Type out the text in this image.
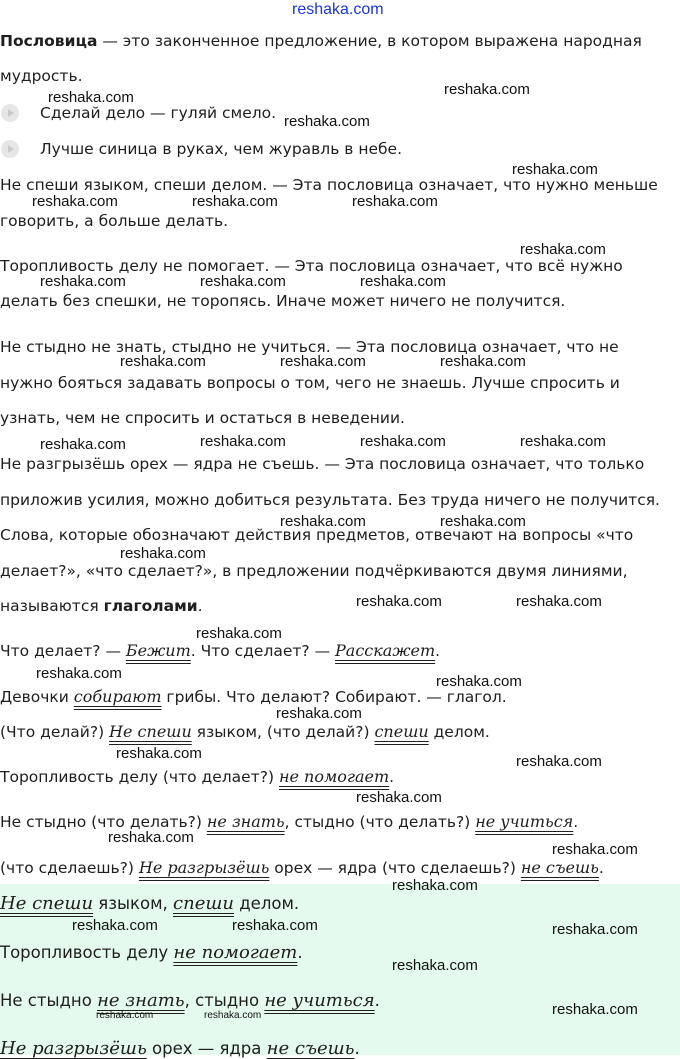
reshaka.com
Пословица — это законченное предложение, в котором выражена народная
мудрость.
Сделай дело — гуляй смело.
Лучше синица в руках, чем журавль в небе.
Не спеши языком, спеши делом. — Эта пословица означает, что нужно меньше
говорить, а больше делать.
Торопливость делу не помогает. — Эта пословица означает, что всё нужно
делать без спешки, не торопясь. Иначе может ничего не получится.
Не стыдно не знать, стыдно не учиться. — Эта пословица означает, что не
нужно бояться задавать вопросы о том, чего не знаешь. Лучше спросить и
узнать, чем не спросить и остаться в неведении.
Не разгрызёшь орех — ядра не съешь. — Эта пословица означает, что только
приложив усилия, можно добиться результата. Без труда ничего не получится.
Слова, которые обозначают действия предметов, отвечают на вопросы «что
делает?», «что сделает?», в предложении подчёркиваются двумя линиями,
называются глаголами.
Что делает? — Бежит. Что сделает? — Расскажет.
Девочки собирают грибы. Что делают? Собирают. — глагол.
(Что делай?) Не спеши языком, (что делай?) спеши делом.
Торопливость делу (что делает?) не помогает.
Не стыдно (что делать?) не знать, стыдно (что делать?) не учиться.
(что сделаешь?) Не разгрызёшь орех — ядра (что сделаешь?) не съешь.
Не спеши языком, спеши делом.
Торопливость делу не помогает.
Не стыдно не знать, стыдно не учиться.
Не разгрызёшь орех — ядра не съешь.
reshaka.com
reshaka.com
reshaka.com
reshaka.com
reshaka.com	reshaka.com	reshaka.com
reshaka.com
reshaka.com	reshaka.com	reshaka.com
reshaka.com	reshaka.com	reshaka.com
reshaka.com	reshaka.com	reshaka.com	reshaka.com
reshaka.com	reshaka.com
reshaka.com
reshaka.com	reshaka.com
reshaka.com
reshaka.com	reshaka.com
reshaka.com
reshaka.com	reshaka.com
reshaka.com
reshaka.com
reshaka.com
reshaka.com
reshaka.com	reshaka.com	reshaka.com
reshaka.com
reshaka.com
reshaka.com	reshaka.com
